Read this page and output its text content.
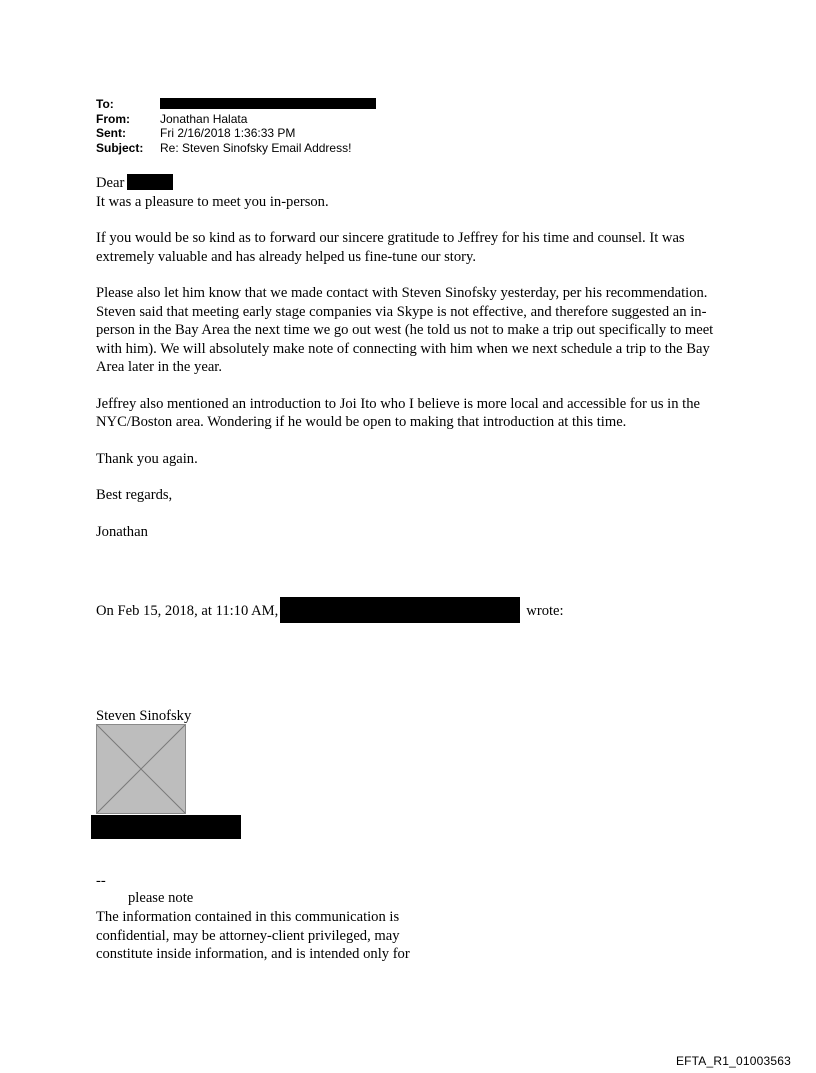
To:
From:	Jonathan Halata
Sent:	Fri 2/16/2018 1:36:33 PM
Subject:	Re: Steven Sinofsky Email Address!
Dear

It was a pleasure to meet you in-person.

If you would be so kind as to forward our sincere gratitude to Jeffrey for his time and counsel. It was extremely valuable and has already helped us fine-tune our story.

Please also let him know that we made contact with Steven Sinofsky yesterday, per his recommendation. Steven said that meeting early stage companies via Skype is not effective, and therefore suggested an in-person in the Bay Area the next time we go out west (he told us not to make a trip out specifically to meet with him). We will absolutely make note of connecting with him when we next schedule a trip to the Bay Area later in the year.

Jeffrey also mentioned an introduction to Joi Ito who I believe is more local and accessible for us in the NYC/Boston area. Wondering if he would be open to making that introduction at this time.

Thank you again.

Best regards,

Jonathan

On Feb 15, 2018, at 11:10 AM,	wrote:
Steven Sinofsky
--
please note
The information contained in this communication is confidential, may be attorney-client privileged, may constitute inside information, and is intended only for
EFTA_R1_01003563
